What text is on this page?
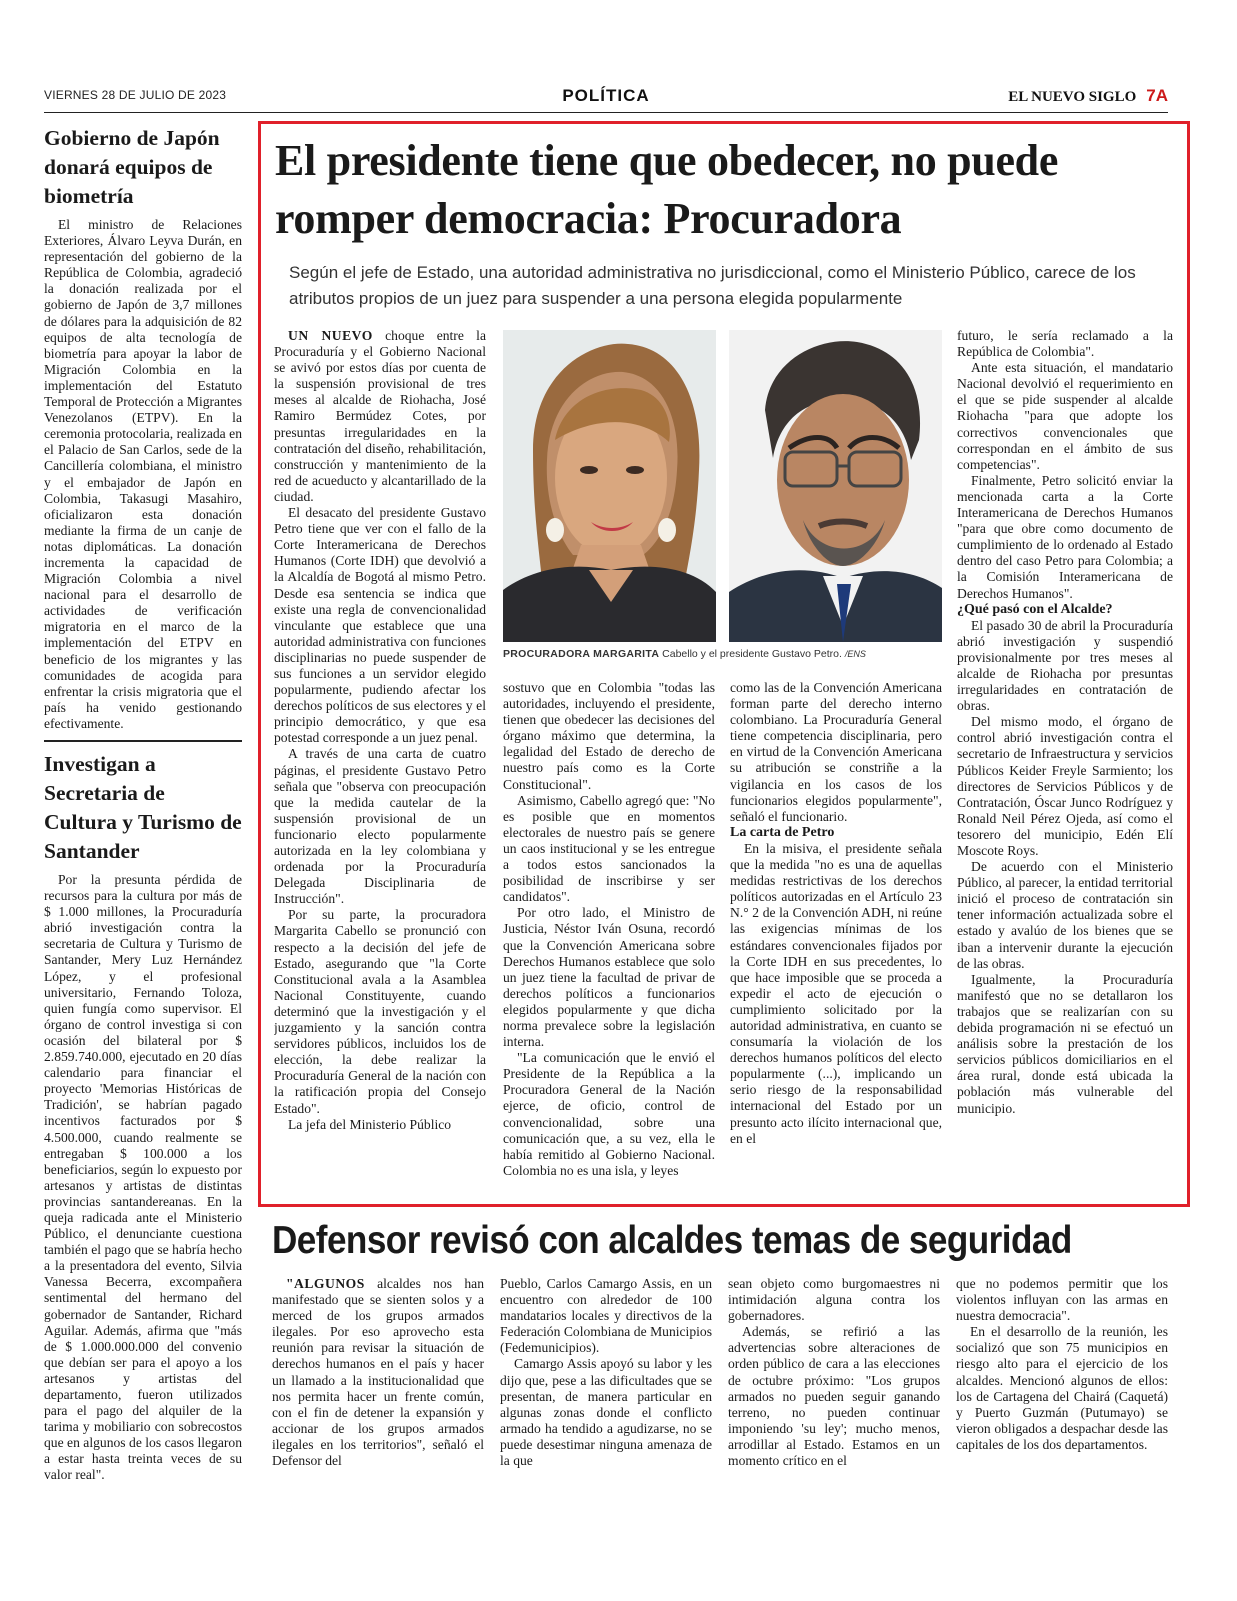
VIERNES 28 DE JULIO DE 2023	POLÍTICA	EL NUEVO SIGLO 7A
Gobierno de Japón donará equipos de biometría

El ministro de Relaciones Exteriores, Álvaro Leyva Durán, en representación del gobierno de la República de Colombia, agradeció la donación realizada por el gobierno de Japón de 3,7 millones de dólares para la adquisición de 82 equipos de alta tecnología de biometría para apoyar la labor de Migración Colombia en la implementación del Estatuto Temporal de Protección a Migrantes Venezolanos (ETPV). En la ceremonia protocolaria, realizada en el Palacio de San Carlos, sede de la Cancillería colombiana, el ministro y el embajador de Japón en Colombia, Takasugi Masahiro, oficializaron esta donación mediante la firma de un canje de notas diplomáticas. La donación incrementa la capacidad de Migración Colombia a nivel nacional para el desarrollo de actividades de verificación migratoria en el marco de la implementación del ETPV en beneficio de los migrantes y las comunidades de acogida para enfrentar la crisis migratoria que el país ha venido gestionando efectivamente.

Investigan a Secretaria de Cultura y Turismo de Santander

Por la presunta pérdida de recursos para la cultura por más de $ 1.000 millones, la Procuraduría abrió investigación contra la secretaria de Cultura y Turismo de Santander, Mery Luz Hernández López, y el profesional universitario, Fernando Toloza, quien fungía como supervisor. El órgano de control investiga si con ocasión del bilateral por $ 2.859.740.000, ejecutado en 20 días calendario para financiar el proyecto 'Memorias Históricas de Tradición', se habrían pagado incentivos facturados por $ 4.500.000, cuando realmente se entregaban $ 100.000 a los beneficiarios, según lo expuesto por artesanos y artistas de distintas provincias santandereanas. En la queja radicada ante el Ministerio Público, el denunciante cuestiona también el pago que se habría hecho a la presentadora del evento, Silvia Vanessa Becerra, excompañera sentimental del hermano del gobernador de Santander, Richard Aguilar. Además, afirma que "más de $ 1.000.000.000 del convenio que debían ser para el apoyo a los artesanos y artistas del departamento, fueron utilizados para el pago del alquiler de la tarima y mobiliario con sobrecostos que en algunos de los casos llegaron a estar hasta treinta veces de su valor real".

El presidente tiene que obedecer, no puede romper democracia: Procuradora

Según el jefe de Estado, una autoridad administrativa no jurisdiccional, como el Ministerio Público, carece de los atributos propios de un juez para suspender a una persona elegida popularmente

UN NUEVO choque entre la Procuraduría y el Gobierno Nacional se avivó por estos días por cuenta de la suspensión provisional de tres meses al alcalde de Riohacha, José Ramiro Bermúdez Cotes, por presuntas irregularidades en la contratación del diseño, rehabilitación, construcción y mantenimiento de la red de acueducto y alcantarillado de la ciudad.

El desacato del presidente Gustavo Petro tiene que ver con el fallo de la Corte Interamericana de Derechos Humanos (Corte IDH) que devolvió a la Alcaldía de Bogotá al mismo Petro. Desde esa sentencia se indica que existe una regla de convencionalidad vinculante que establece que una autoridad administrativa con funciones disciplinarias no puede suspender de sus funciones a un servidor elegido popularmente, pudiendo afectar los derechos políticos de sus electores y el principio democrático, y que esa potestad corresponde a un juez penal.

A través de una carta de cuatro páginas, el presidente Gustavo Petro señala que "observa con preocupación que la medida cautelar de la suspensión provisional de un funcionario electo popularmente autorizada en la ley colombiana y ordenada por la Procuraduría Delegada Disciplinaria de Instrucción".

Por su parte, la procuradora Margarita Cabello se pronunció con respecto a la decisión del jefe de Estado, asegurando que "la Corte Constitucional avala a la Asamblea Nacional Constituyente, cuando determinó que la investigación y el juzgamiento y la sanción contra servidores públicos, incluidos los de elección, la debe realizar la Procuraduría General de la nación con la ratificación propia del Consejo Estado".

La jefa del Ministerio Público

PROCURADORA MARGARITA Cabello y el presidente Gustavo Petro. /ENS

sostuvo que en Colombia "todas las autoridades, incluyendo el presidente, tienen que obedecer las decisiones del órgano máximo que determina, la legalidad del Estado de derecho de nuestro país como es la Corte Constitucional".

Asimismo, Cabello agregó que: "No es posible que en momentos electorales de nuestro país se genere un caos institucional y se les entregue a todos estos sancionados la posibilidad de inscribirse y ser candidatos".

Por otro lado, el Ministro de Justicia, Néstor Iván Osuna, recordó que la Convención Americana sobre Derechos Humanos establece que solo un juez tiene la facultad de privar de derechos políticos a funcionarios elegidos popularmente y que dicha norma prevalece sobre la legislación interna.

"La comunicación que le envió el Presidente de la República a la Procuradora General de la Nación ejerce, de oficio, control de convencionalidad, sobre una comunicación que, a su vez, ella le había remitido al Gobierno Nacional. Colombia no es una isla, y leyes

como las de la Convención Americana forman parte del derecho interno colombiano. La Procuraduría General tiene competencia disciplinaria, pero en virtud de la Convención Americana su atribución se constriñe a la vigilancia en los casos de los funcionarios elegidos popularmente", señaló el funcionario.

La carta de Petro

En la misiva, el presidente señala que la medida "no es una de aquellas medidas restrictivas de los derechos políticos autorizadas en el Artículo 23 N.° 2 de la Convención ADH, ni reúne las exigencias mínimas de los estándares convencionales fijados por la Corte IDH en sus precedentes, lo que hace imposible que se proceda a expedir el acto de ejecución o cumplimiento solicitado por la autoridad administrativa, en cuanto se consumaría la violación de los derechos humanos políticos del electo popularmente (...), implicando un serio riesgo de la responsabilidad internacional del Estado por un presunto acto ilícito internacional que, en el

futuro, le sería reclamado a la República de Colombia".

Ante esta situación, el mandatario Nacional devolvió el requerimiento en el que se pide suspender al alcalde Riohacha "para que adopte los correctivos convencionales que correspondan en el ámbito de sus competencias".

Finalmente, Petro solicitó enviar la mencionada carta a la Corte Interamericana de Derechos Humanos "para que obre como documento de cumplimiento de lo ordenado al Estado dentro del caso Petro para Colombia; a la Comisión Interamericana de Derechos Humanos".

¿Qué pasó con el Alcalde?

El pasado 30 de abril la Procuraduría abrió investigación y suspendió provisionalmente por tres meses al alcalde de Riohacha por presuntas irregularidades en contratación de obras.

Del mismo modo, el órgano de control abrió investigación contra el secretario de Infraestructura y servicios Públicos Keider Freyle Sarmiento; los directores de Servicios Públicos y de Contratación, Óscar Junco Rodríguez y Ronald Neil Pérez Ojeda, así como el tesorero del municipio, Edén Elí Moscote Roys.

De acuerdo con el Ministerio Público, al parecer, la entidad territorial inició el proceso de contratación sin tener información actualizada sobre el estado y avalúo de los bienes que se iban a intervenir durante la ejecución de las obras.

Igualmente, la Procuraduría manifestó que no se detallaron los trabajos que se realizarían con su debida programación ni se efectuó un análisis sobre la prestación de los servicios públicos domiciliarios en el área rural, donde está ubicada la población más vulnerable del municipio.

Defensor revisó con alcaldes temas de seguridad

"ALGUNOS alcaldes nos han manifestado que se sienten solos y a merced de los grupos armados ilegales. Por eso aprovecho esta reunión para revisar la situación de derechos humanos en el país y hacer un llamado a la institucionalidad que nos permita hacer un frente común, con el fin de detener la expansión y accionar de los grupos armados ilegales en los territorios", señaló el Defensor del

Pueblo, Carlos Camargo Assis, en un encuentro con alrededor de 100 mandatarios locales y directivos de la Federación Colombiana de Municipios (Fedemunicipios).

Camargo Assis apoyó su labor y les dijo que, pese a las dificultades que se presentan, de manera particular en algunas zonas donde el conflicto armado ha tendido a agudizarse, no se puede desestimar ninguna amenaza de la que

sean objeto como burgomaestres ni intimidación alguna contra los gobernadores.

Además, se refirió a las advertencias sobre alteraciones de orden público de cara a las elecciones de octubre próximo: "Los grupos armados no pueden seguir ganando terreno, no pueden continuar imponiendo 'su ley'; mucho menos, arrodillar al Estado. Estamos en un momento crítico en el

que no podemos permitir que los violentos influyan con las armas en nuestra democracia".

En el desarrollo de la reunión, les socializó que son 75 municipios en riesgo alto para el ejercicio de los alcaldes. Mencionó algunos de ellos: los de Cartagena del Chairá (Caquetá) y Puerto Guzmán (Putumayo) se vieron obligados a despachar desde las capitales de los dos departamentos.
